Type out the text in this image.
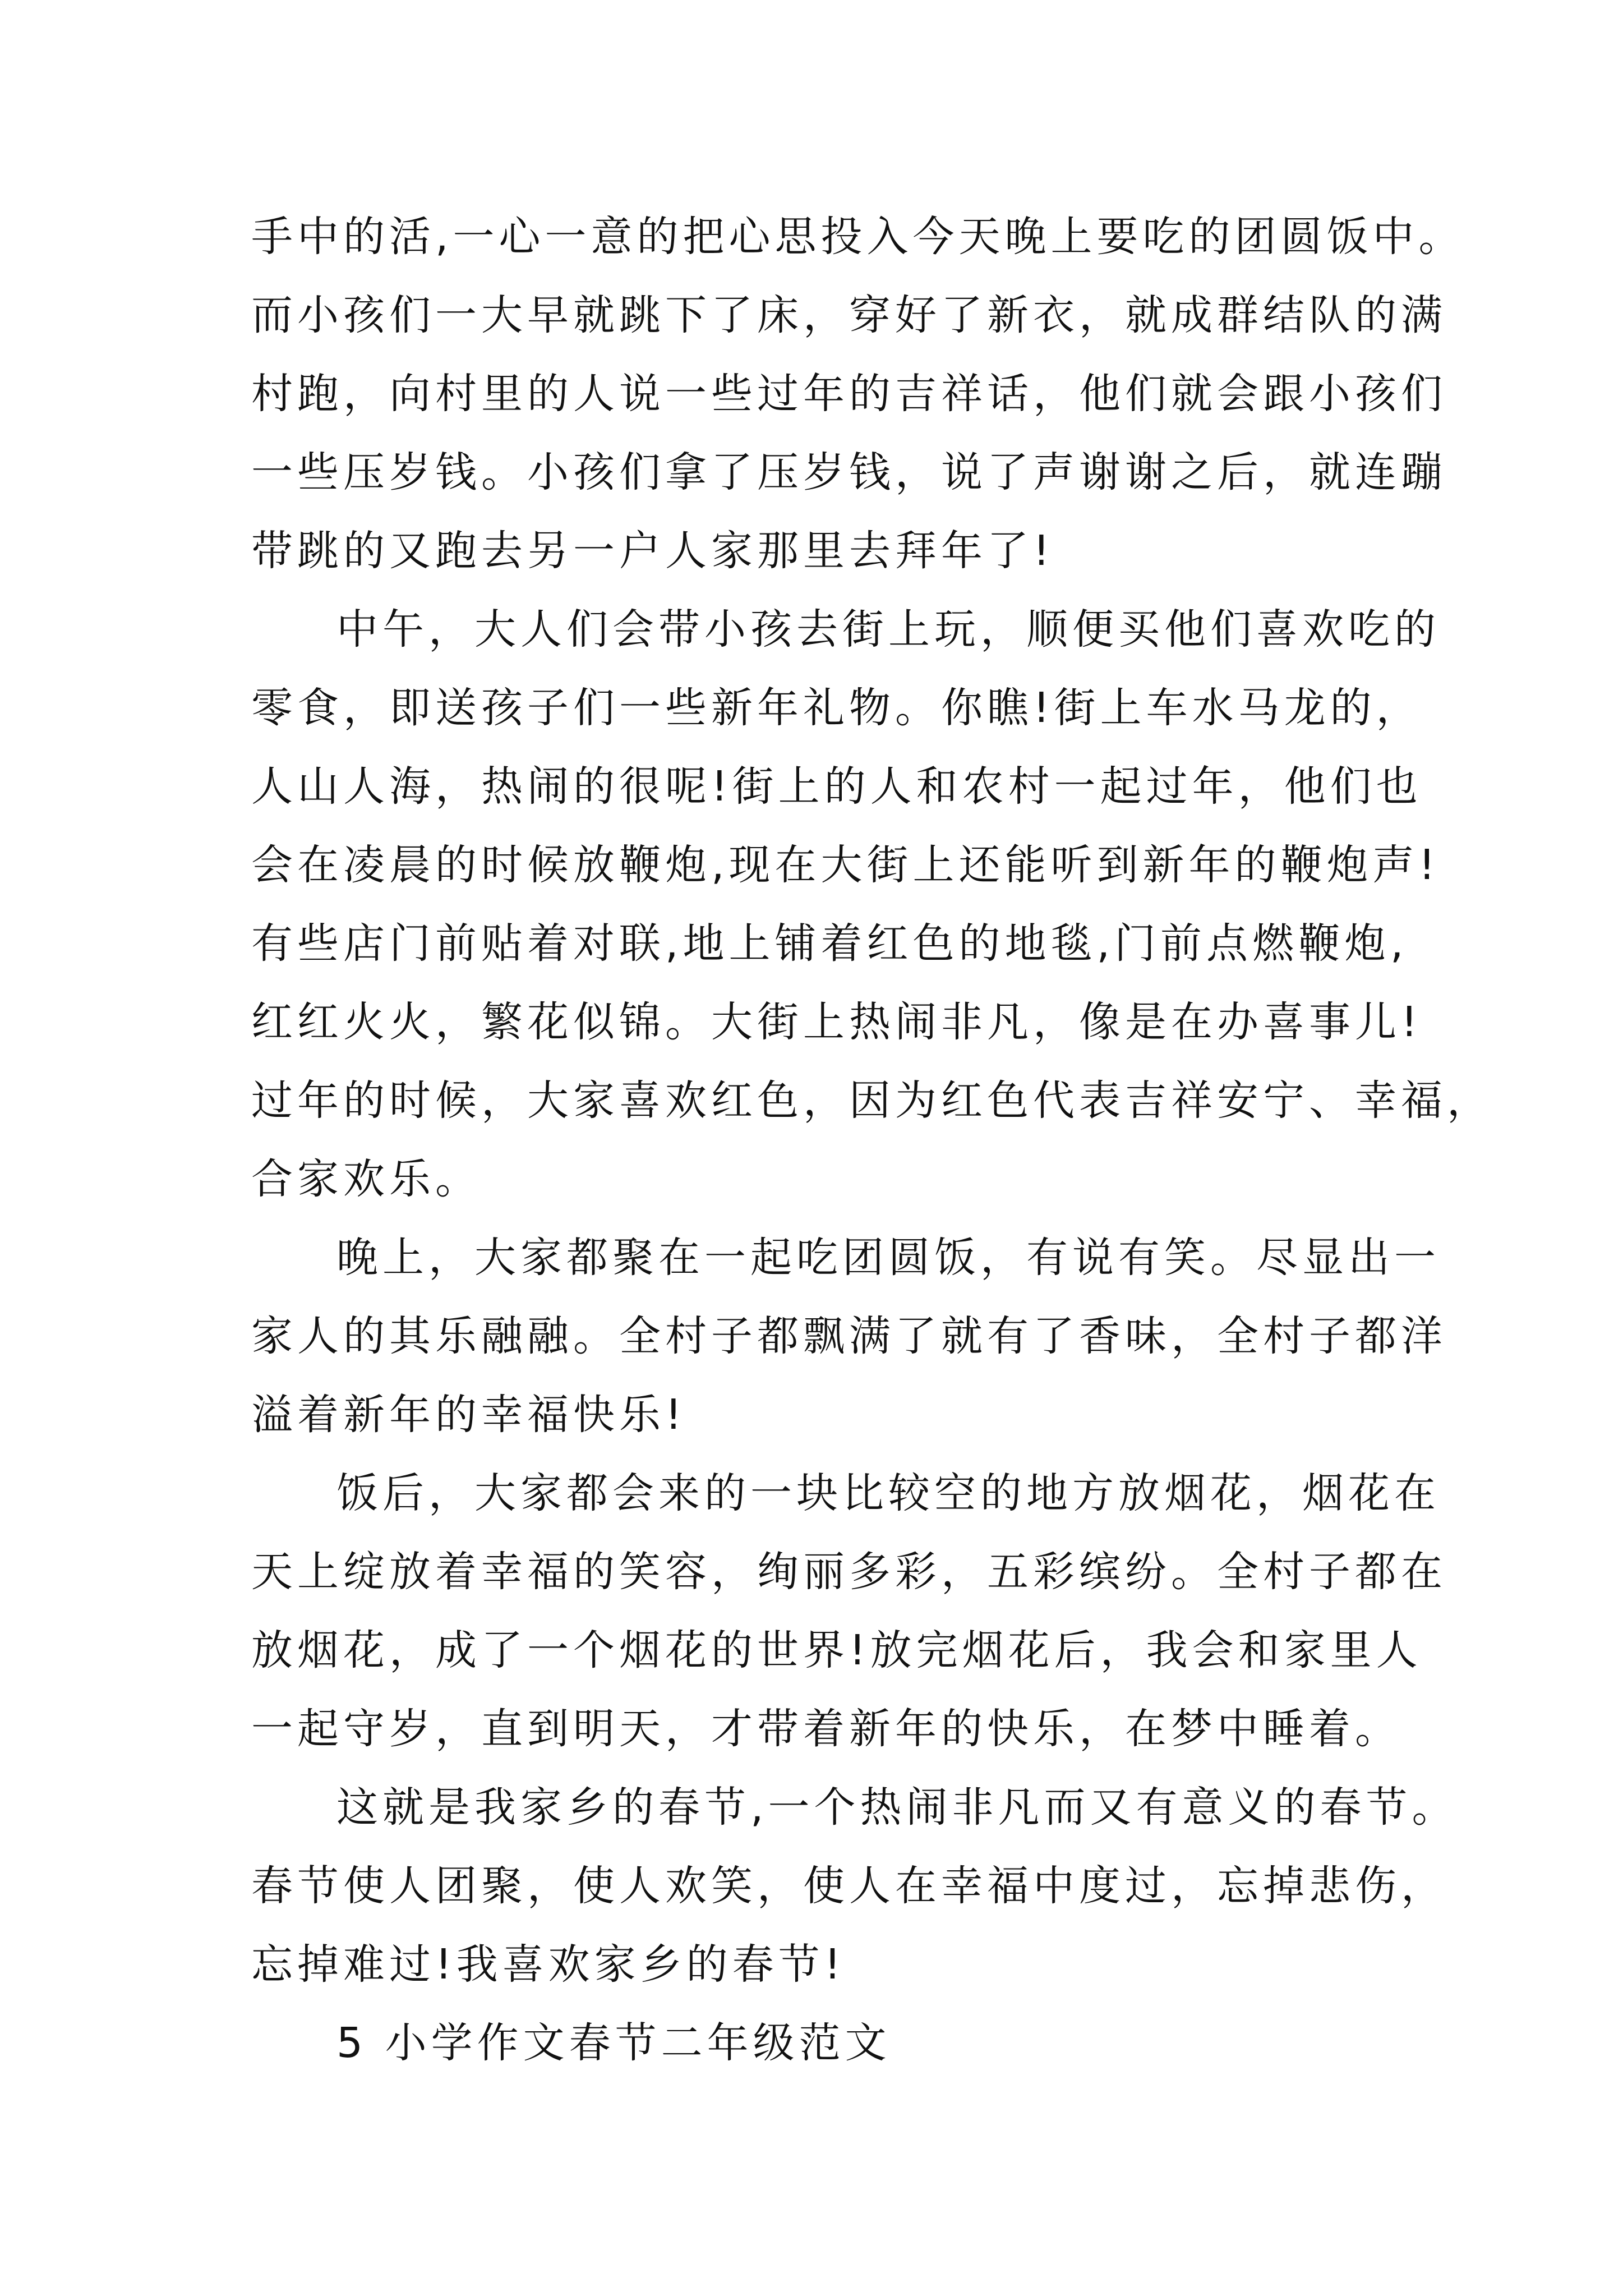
手中的活,一心一意的把心思投入今天晚上要吃的团圆饭中。
而小孩们一大早就跳下了床，穿好了新衣，就成群结队的满
村跑，向村里的人说一些过年的吉祥话，他们就会跟小孩们
一些压岁钱。小孩们拿了压岁钱，说了声谢谢之后，就连蹦
带跳的又跑去另一户人家那里去拜年了!
中午，大人们会带小孩去街上玩，顺便买他们喜欢吃的
零食，即送孩子们一些新年礼物。你瞧!街上车水马龙的，
人山人海，热闹的很呢!街上的人和农村一起过年，他们也
会在凌晨的时候放鞭炮,现在大街上还能听到新年的鞭炮声!
有些店门前贴着对联,地上铺着红色的地毯,门前点燃鞭炮,
红红火火，繁花似锦。大街上热闹非凡，像是在办喜事儿!
过年的时候，大家喜欢红色，因为红色代表吉祥安宁、幸福，
合家欢乐。
晚上，大家都聚在一起吃团圆饭，有说有笑。尽显出一
家人的其乐融融。全村子都飘满了就有了香味，全村子都洋
溢着新年的幸福快乐!
饭后，大家都会来的一块比较空的地方放烟花，烟花在
天上绽放着幸福的笑容，绚丽多彩，五彩缤纷。全村子都在
放烟花，成了一个烟花的世界!放完烟花后，我会和家里人
一起守岁，直到明天，才带着新年的快乐，在梦中睡着。
这就是我家乡的春节,一个热闹非凡而又有意义的春节。
春节使人团聚，使人欢笑，使人在幸福中度过，忘掉悲伤，
忘掉难过!我喜欢家乡的春节!
5 小学作文春节二年级范文
